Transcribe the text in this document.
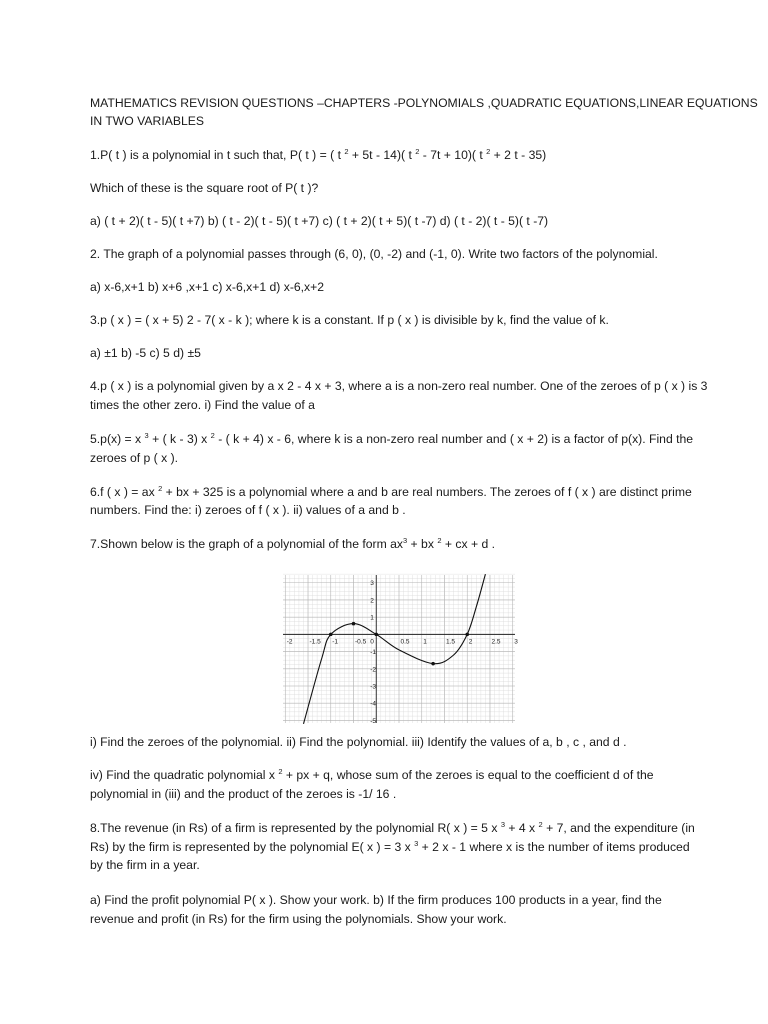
MATHEMATICS REVISION QUESTIONS –CHAPTERS -POLYNOMIALS ,QUADRATIC EQUATIONS,LINEAR EQUATIONS
IN TWO VARIABLES
1.P( t ) is a polynomial in t such that, P( t ) = ( t $^2$ + 5t - 14)( t $^2$ - 7t + 10)( t $^2$ + 2 t - 35)
Which of these is the square root of P( t )?
a) ( t + 2)( t - 5)( t +7) b) ( t - 2)( t - 5)( t +7) c) ( t + 2)( t + 5)( t -7) d) ( t - 2)( t - 5)( t -7)
2. The graph of a polynomial passes through (6, 0), (0, -2) and (-1, 0). Write two factors of the polynomial.
a) x-6,x+1 b) x+6 ,x+1 c) x-6,x+1 d) x-6,x+2
3.p ( x ) = ( x + 5) 2 - 7( x - k ); where k is a constant. If p ( x ) is divisible by k, find the value of k.
a) ±1 b) -5 c) 5 d) ±5
4.p ( x ) is a polynomial given by a x 2 - 4 x + 3, where a is a non-zero real number. One of the zeroes of p ( x ) is 3
times the other zero. i) Find the value of a
5.p(x) = x $^3$ + ( k - 3) x $^2$ - ( k + 4) x - 6, where k is a non-zero real number and ( x + 2) is a factor of p(x). Find the
zeroes of p ( x ).
6.f ( x ) = ax $^2$ + bx + 325 is a polynomial where a and b are real numbers. The zeroes of f ( x ) are distinct prime
numbers. Find the: i) zeroes of f ( x ). ii) values of a and b .
7.Shown below is the graph of a polynomial of the form $ax^3$ + bx $^2$ + cx + d .
-2	-1.5 -1	-0.5	0.5 1	1.5 2	2.5 3
3
2
1
-1
-2
-3
-4
-5
0
i) Find the zeroes of the polynomial. ii) Find the polynomial. iii) Identify the values of a, b , c , and d .
iv) Find the quadratic polynomial x $^2$ + px + q, whose sum of the zeroes is equal to the coefficient d of the
polynomial in (iii) and the product of the zeroes is -1/ 16 .
8.The revenue (in Rs) of a firm is represented by the polynomial R( x ) = 5 x $^3$ + 4 x $^2$ + 7, and the expenditure (in
Rs) by the firm is represented by the polynomial E( x ) = 3 x $^3$ + 2 x - 1 where x is the number of items produced
by the firm in a year.
a) Find the profit polynomial P( x ). Show your work. b) If the firm produces 100 products in a year, find the
revenue and profit (in Rs) for the firm using the polynomials. Show your work.
